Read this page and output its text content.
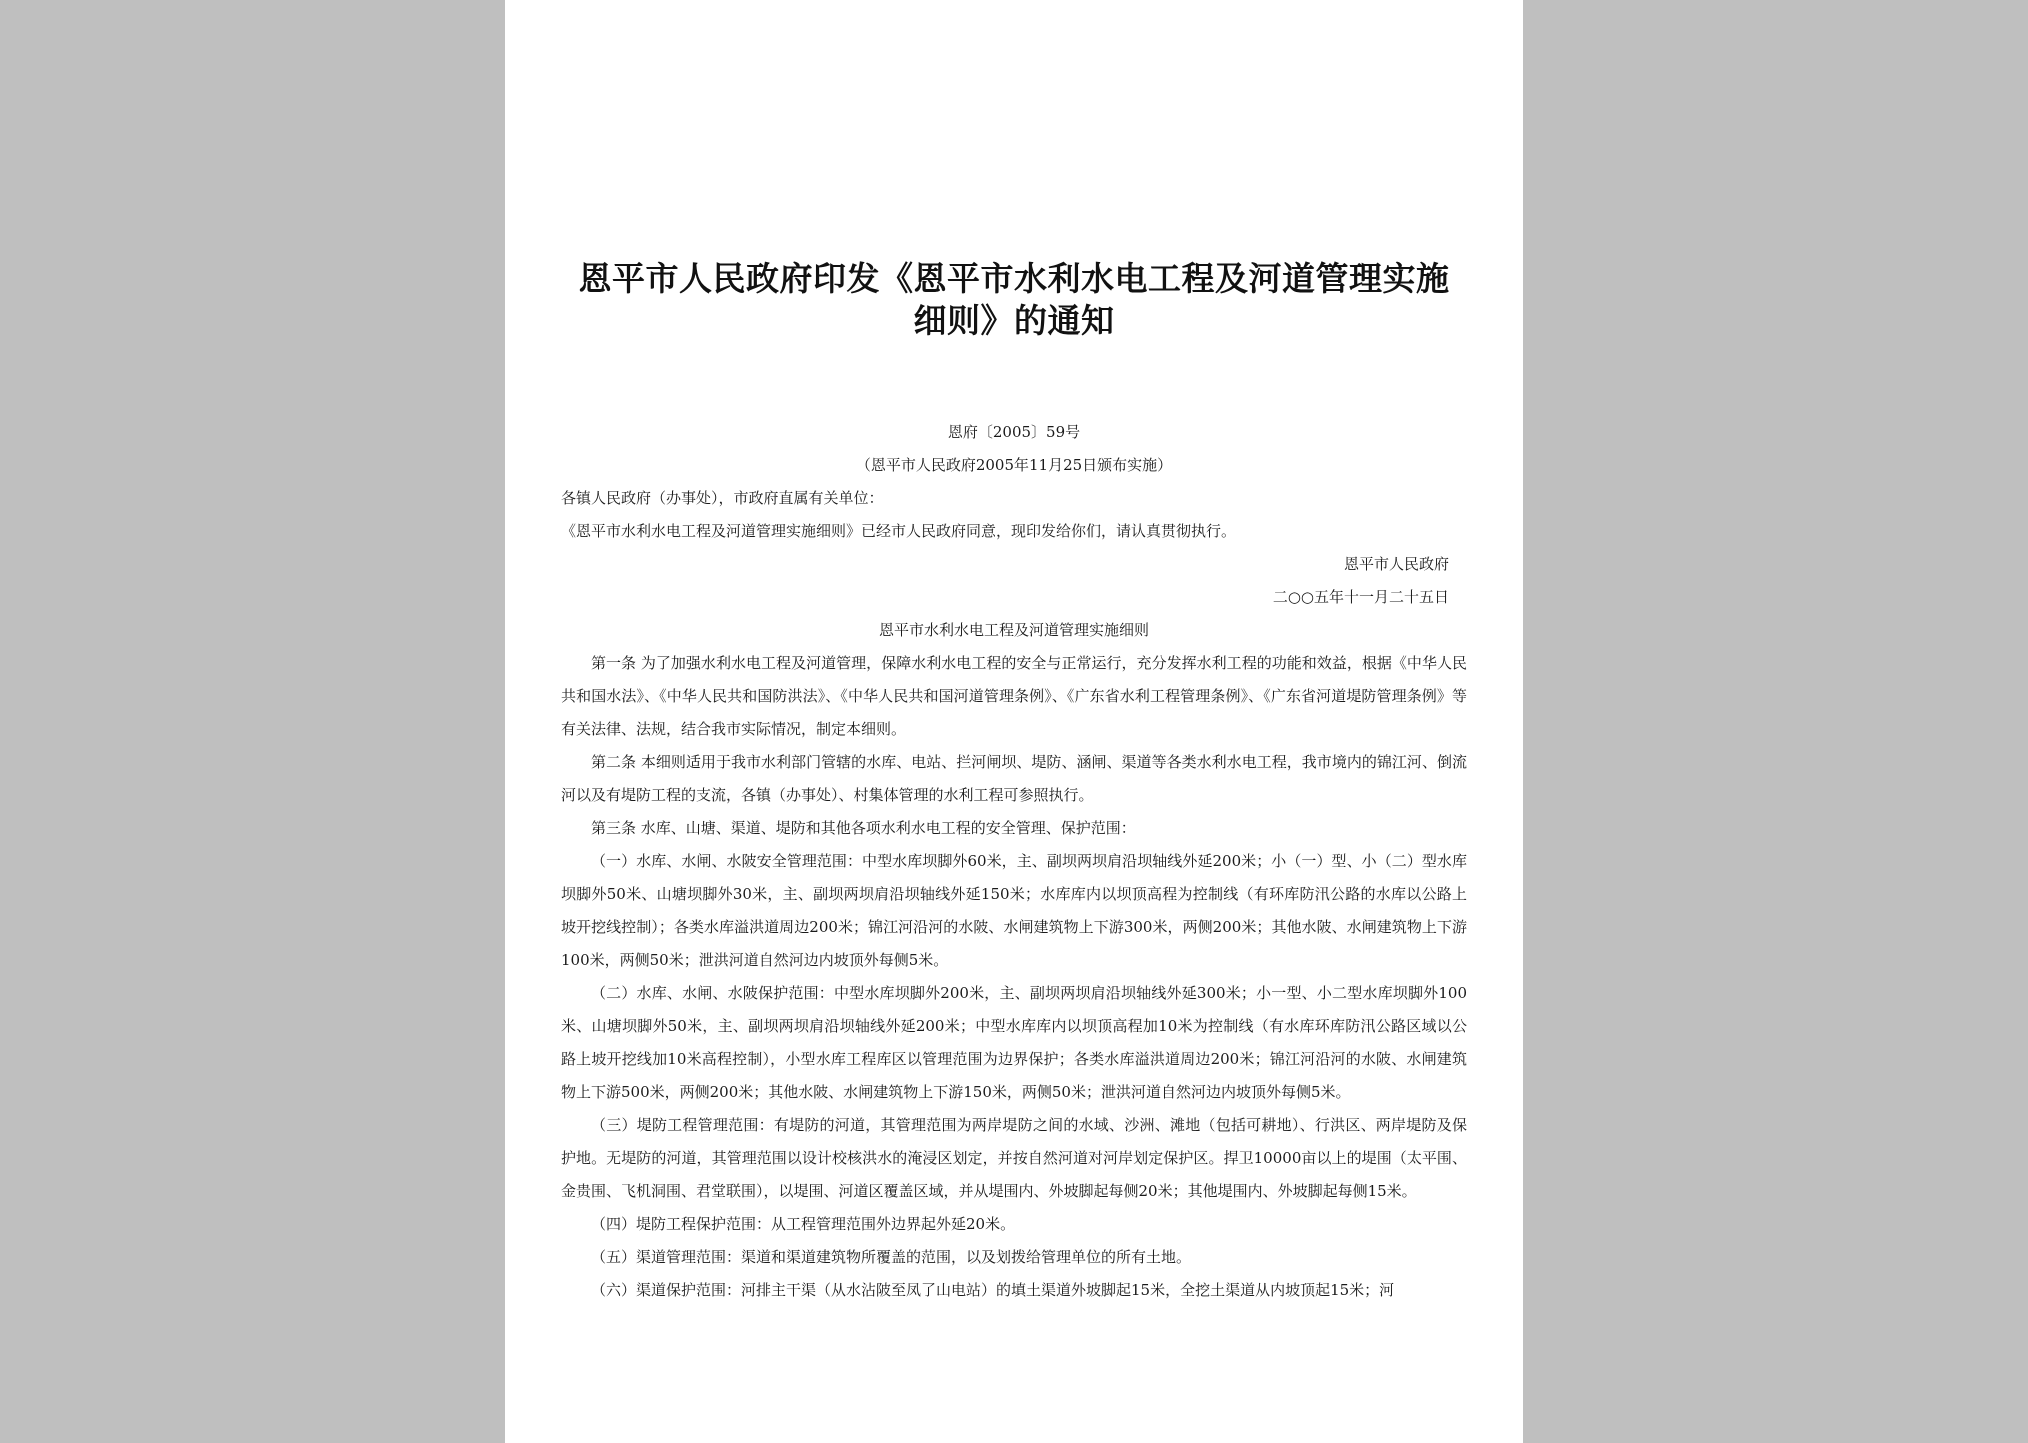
恩平市人民政府印发《恩平市水利水电工程及河道管理实施细则》的通知
恩府〔2005〕59号
（恩平市人民政府2005年11月25日颁布实施）

各镇人民政府（办事处），市政府直属有关单位：

《恩平市水利水电工程及河道管理实施细则》已经市人民政府同意，现印发给你们，请认真贯彻执行。

恩平市人民政府

二○○五年十一月二十五日

恩平市水利水电工程及河道管理实施细则

第一条 为了加强水利水电工程及河道管理，保障水利水电工程的安全与正常运行，充分发挥水利工程的功能和效益，根据《中华人民共和国水法》、《中华人民共和国防洪法》、《中华人民共和国河道管理条例》、《广东省水利工程管理条例》、《广东省河道堤防管理条例》等有关法律、法规，结合我市实际情况，制定本细则。

第二条 本细则适用于我市水利部门管辖的水库、电站、拦河闸坝、堤防、涵闸、渠道等各类水利水电工程，我市境内的锦江河、倒流河以及有堤防工程的支流，各镇（办事处）、村集体管理的水利工程可参照执行。

第三条 水库、山塘、渠道、堤防和其他各项水利水电工程的安全管理、保护范围：

（一）水库、水闸、水陂安全管理范围：中型水库坝脚外60米，主、副坝两坝肩沿坝轴线外延200米；小（一）型、小（二）型水库坝脚外50米、山塘坝脚外30米，主、副坝两坝肩沿坝轴线外延150米；水库库内以坝顶高程为控制线（有环库防汛公路的水库以公路上坡开挖线控制）；各类水库溢洪道周边200米；锦江河沿河的水陂、水闸建筑物上下游300米，两侧200米；其他水陂、水闸建筑物上下游100米，两侧50米；泄洪河道自然河边内坡顶外每侧5米。

（二）水库、水闸、水陂保护范围：中型水库坝脚外200米，主、副坝两坝肩沿坝轴线外延300米；小一型、小二型水库坝脚外100米、山塘坝脚外50米，主、副坝两坝肩沿坝轴线外延200米；中型水库库内以坝顶高程加10米为控制线（有水库环库防汛公路区域以公路上坡开挖线加10米高程控制），小型水库工程库区以管理范围为边界保护；各类水库溢洪道周边200米；锦江河沿河的水陂、水闸建筑物上下游500米，两侧200米；其他水陂、水闸建筑物上下游150米，两侧50米；泄洪河道自然河边内坡顶外每侧5米。

（三）堤防工程管理范围：有堤防的河道，其管理范围为两岸堤防之间的水域、沙洲、滩地（包括可耕地）、行洪区、两岸堤防及保护地。无堤防的河道，其管理范围以设计校核洪水的淹浸区划定，并按自然河道对河岸划定保护区。捍卫10000亩以上的堤围（太平围、金贵围、飞机洞围、君堂联围），以堤围、河道区覆盖区域，并从堤围内、外坡脚起每侧20米；其他堤围内、外坡脚起每侧15米。

（四）堤防工程保护范围：从工程管理范围外边界起外延20米。

（五）渠道管理范围：渠道和渠道建筑物所覆盖的范围，以及划拨给管理单位的所有土地。

（六）渠道保护范围：河排主干渠（从水沾陂至凤了山电站）的填土渠道外坡脚起15米，全挖土渠道从内坡顶起15米；河
